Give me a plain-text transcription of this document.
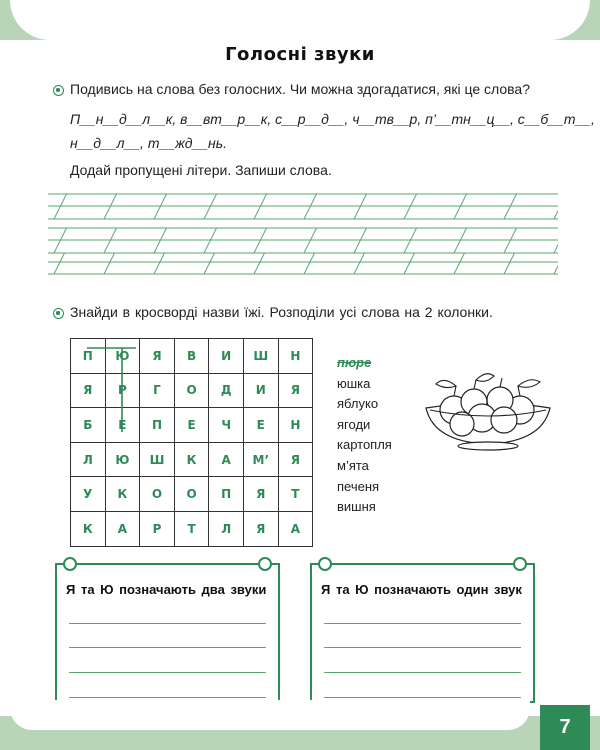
Голосні звуки
Подивись на слова без голосних. Чи можна здогадатися, які це слова?
П__н__д__л__к, в__вт__р__к, с__р__д__, ч__тв__р, п’__тн__ц__, с__б__т__,
н__д__л__, т__жд__нь.
Додай пропущені літери. Запиши слова.
Знайди в кросворді назви їжі. Розподіли усі слова на 2 колонки.
П	Ю	Я	В	И	Ш	Н
Я	Р	Г	О	Д	И	Я
Б	Е	П	Е	Ч	Е	Н
Л	Ю	Ш	К	А	М’	Я
У	К	О	О	П	Я	Т
К	А	Р	Т	Л	Я	А
пюре
юшка
яблуко
ягоди
картопля
м’ята
печеня
вишня
Я та Ю позначають два звуки	Я та Ю позначають один звук
7
